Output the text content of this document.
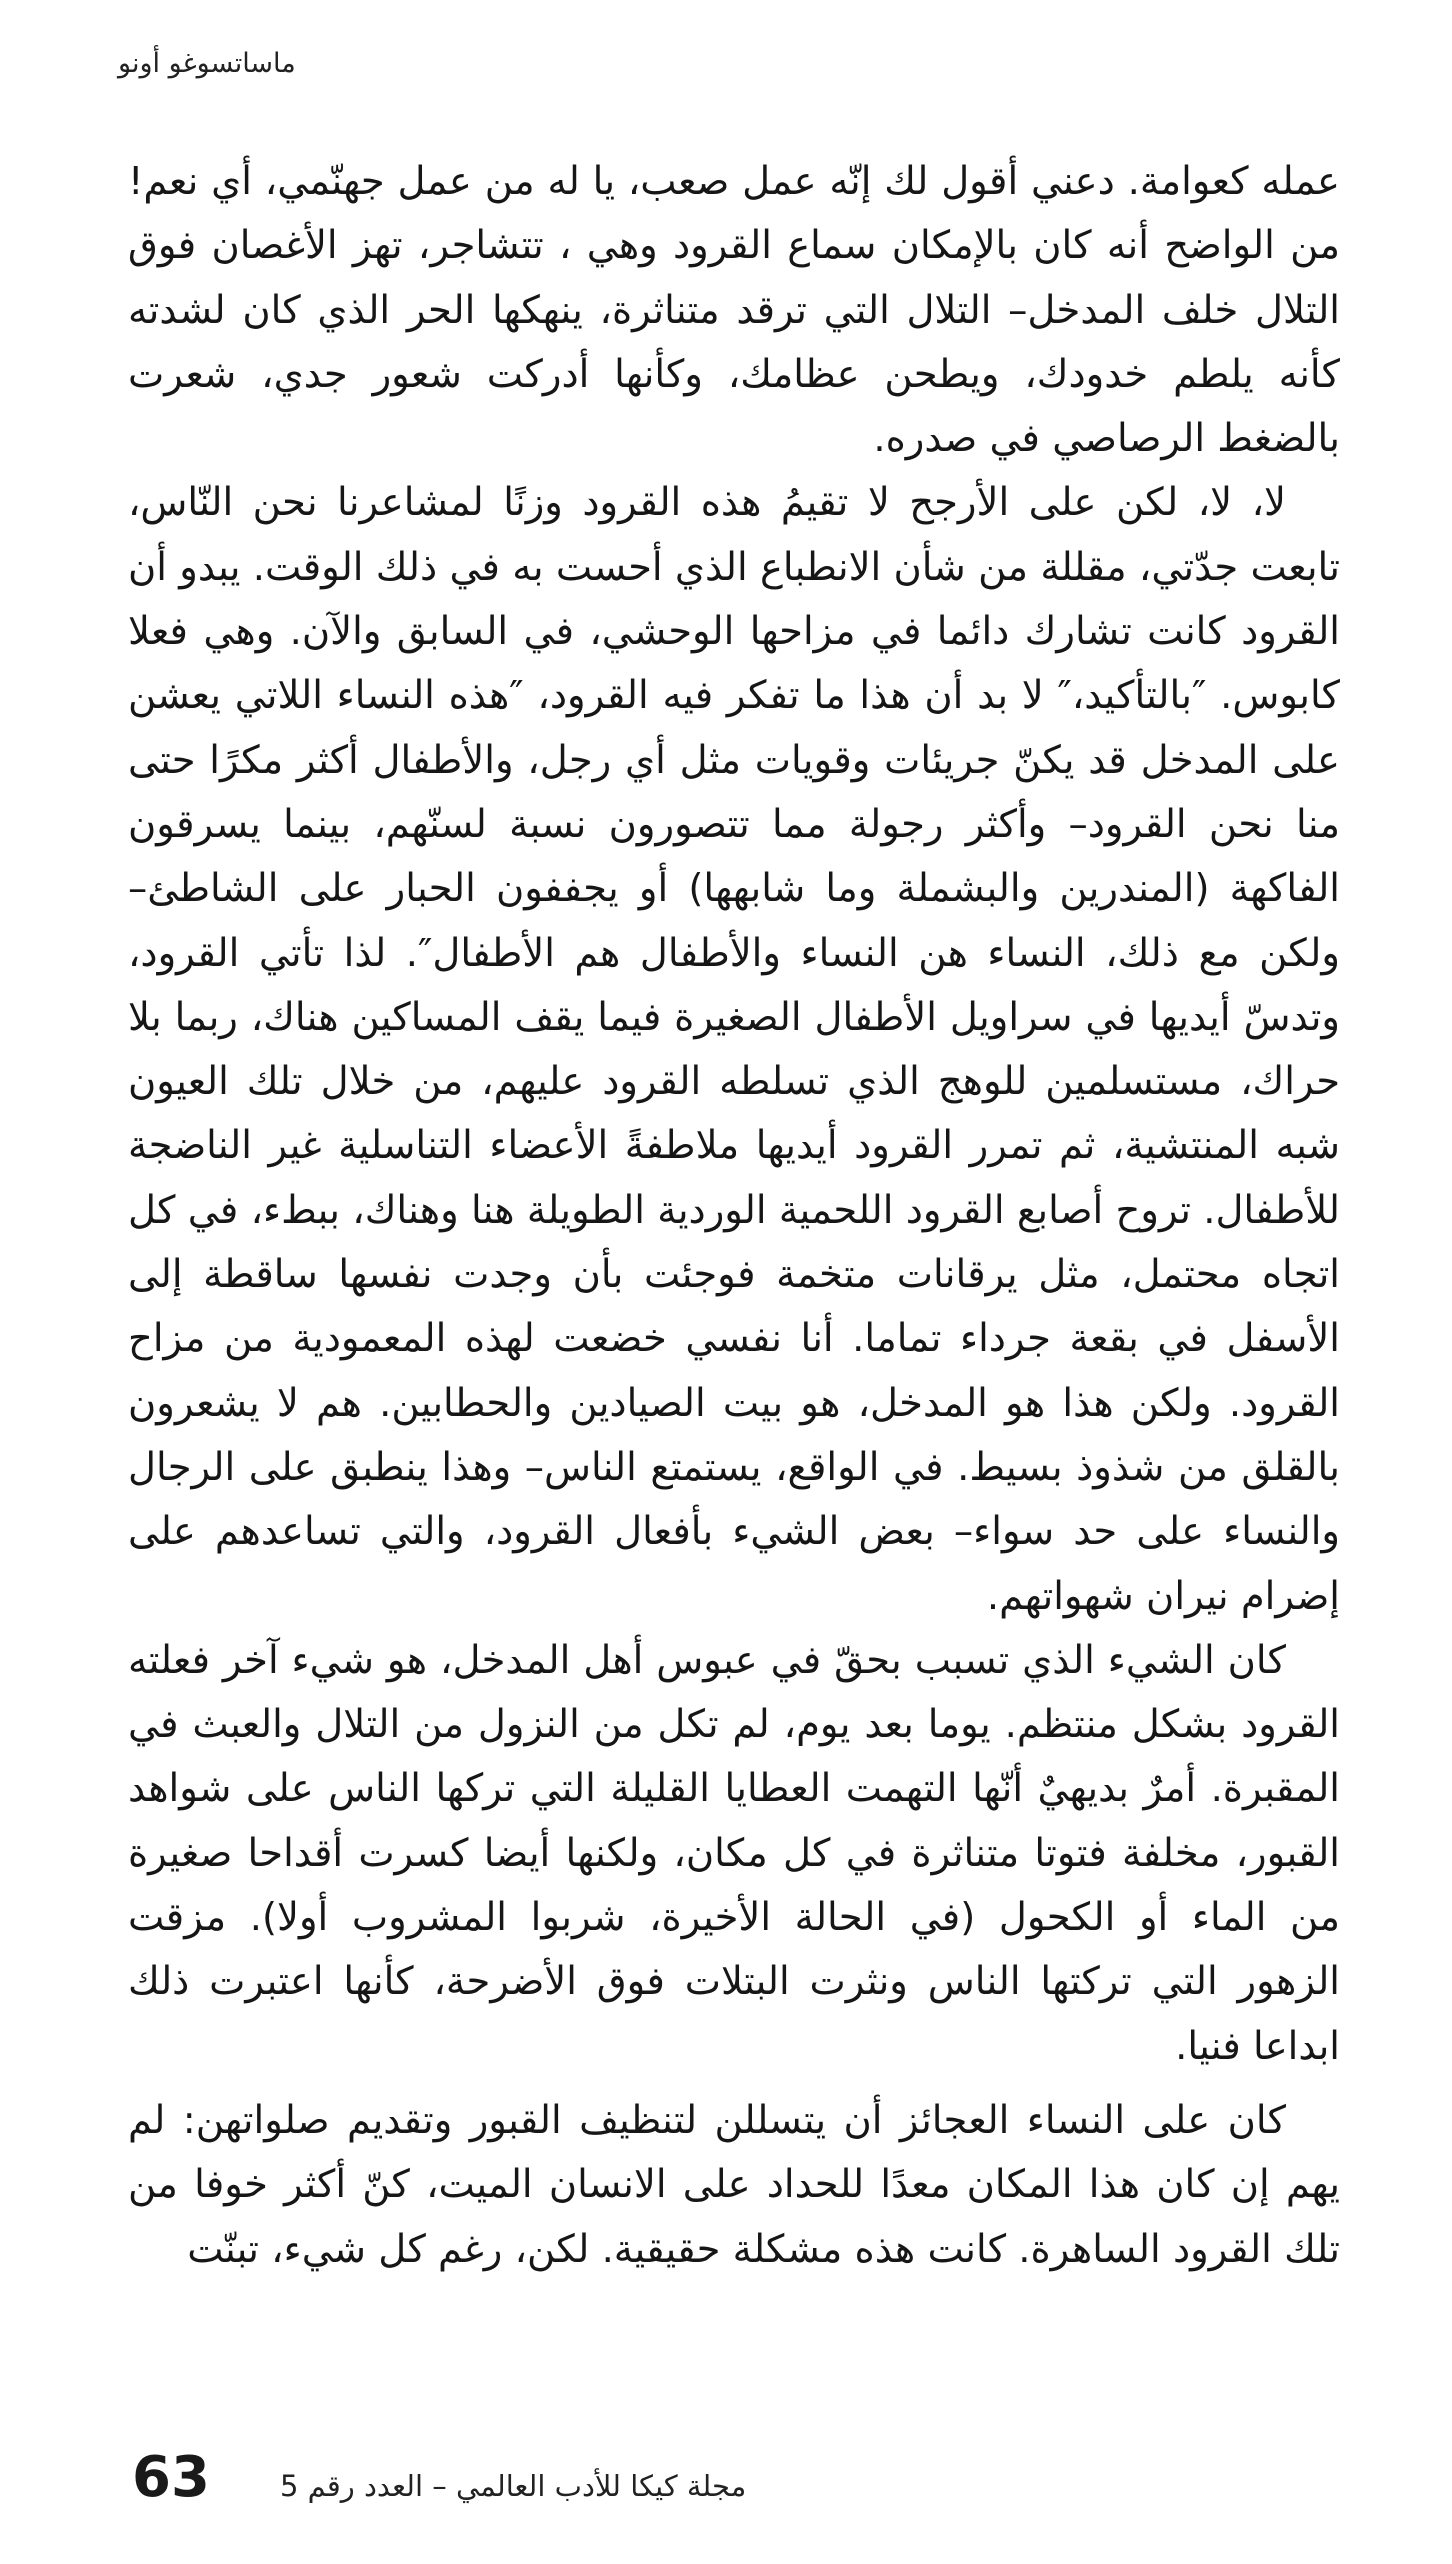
ماساتسوغو أونو

عمله كعوامة. دعني أقول لك إنّه عمل صعب، يا له من عمل جهنّمي، أي نعم! من الواضح أنه كان بالإمكان سماع القرود وهي ، تتشاجر، تهز الأغصان فوق التلال خلف المدخل– التلال التي ترقد متناثرة، ينهكها الحر الذي كان لشدته كأنه يلطم خدودك، ويطحن عظامك، وكأنها أدركت شعور جدي، شعرت بالضغط الرصاصي في صدره.

لا، لا، لكن على الأرجح لا تقيمُ هذه القرود وزنًا لمشاعرنا نحن النّاس، تابعت جدّتي، مقللة من شأن الانطباع الذي أحست به في ذلك الوقت. يبدو أن القرود كانت تشارك دائما في مزاحها الوحشي، في السابق والآن. وهي فعلا كابوس. ″بالتأكيد،″ لا بد أن هذا ما تفكر فيه القرود، ″هذه النساء اللاتي يعشن على المدخل قد يكنّ جريئات وقويات مثل أي رجل، والأطفال أكثر مكرًا حتى منا نحن القرود– وأكثر رجولة مما تتصورون نسبة لسنّهم، بينما يسرقون الفاكهة (المندرين والبشملة وما شابهها) أو يجففون الحبار على الشاطئ–ولكن مع ذلك، النساء هن النساء والأطفال هم الأطفال″. لذا تأتي القرود، وتدسّ أيديها في سراويل الأطفال الصغيرة فيما يقف المساكين هناك، ربما بلا حراك، مستسلمين للوهج الذي تسلطه القرود عليهم، من خلال تلك العيون شبه المنتشية، ثم تمرر القرود أيديها ملاطفةً الأعضاء التناسلية غير الناضجة للأطفال. تروح أصابع القرود اللحمية الوردية الطويلة هنا وهناك، ببطء، في كل اتجاه محتمل، مثل يرقانات متخمة فوجئت بأن وجدت نفسها ساقطة إلى الأسفل في بقعة جرداء تماما. أنا نفسي خضعت لهذه المعمودية من مزاح القرود. ولكن هذا هو المدخل، هو بيت الصيادين والحطابين. هم لا يشعرون بالقلق من شذوذ بسيط. في الواقع، يستمتع الناس– وهذا ينطبق على الرجال والنساء على حد سواء– بعض الشيء بأفعال القرود، والتي تساعدهم على إضرام نيران شهواتهم.

كان الشيء الذي تسبب بحقّ في عبوس أهل المدخل، هو شيء آخر فعلته القرود بشكل منتظم. يوما بعد يوم، لم تكل من النزول من التلال والعبث في المقبرة. أمرٌ بديهيٌ أنّها التهمت العطايا القليلة التي تركها الناس على شواهد القبور، مخلفة فتوتا متناثرة في كل مكان، ولكنها أيضا كسرت أقداحا صغيرة من الماء أو الكحول (في الحالة الأخيرة، شربوا المشروب أولا). مزقت الزهور التي تركتها الناس ونثرت البتلات فوق الأضرحة، كأنها اعتبرت ذلك ابداعا فنيا.

كان على النساء العجائز أن يتسللن لتنظيف القبور وتقديم صلواتهن: لم يهم إن كان هذا المكان معدًا للحداد على الانسان الميت، كنّ أكثر خوفا من تلك القرود الساهرة. كانت هذه مشكلة حقيقية. لكن، رغم كل شيء، تبنّت

63 مجلة كيكا للأدب العالمي – العدد رقم 5
